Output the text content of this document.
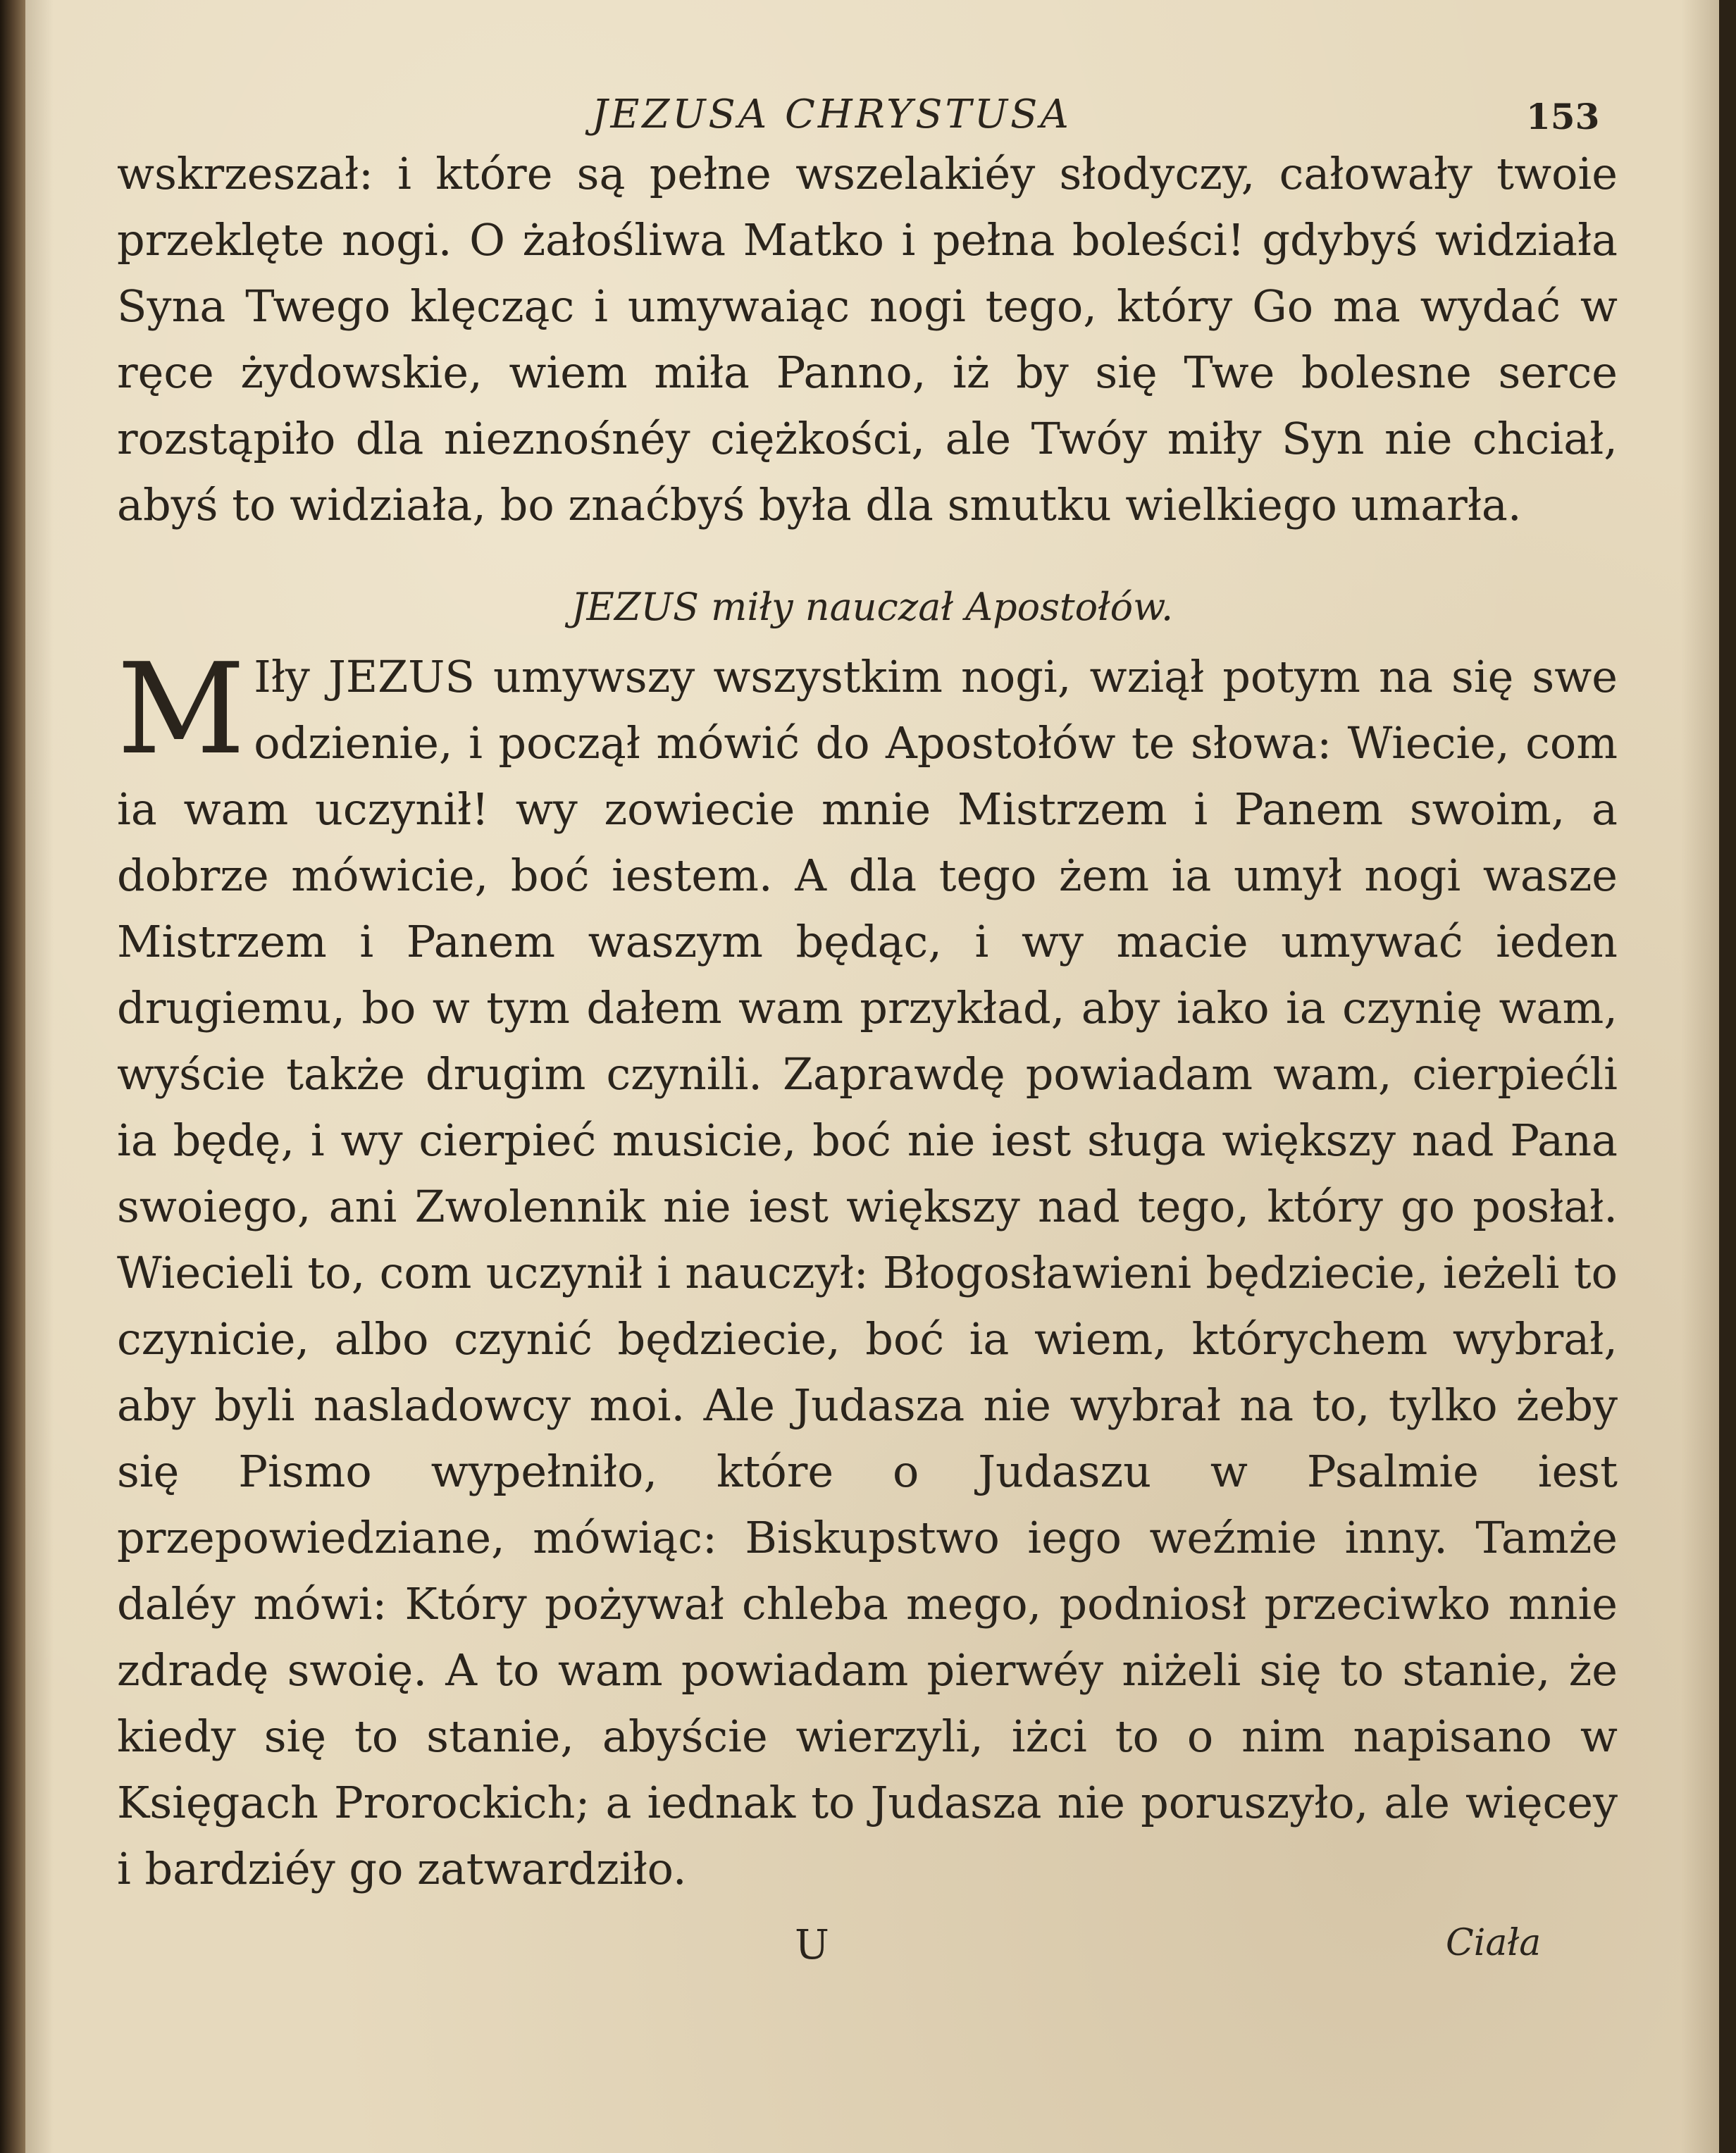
JEZUSA CHRYSTUSA	153

wskrzeszał: i które są pełne wszelakiéy słodyczy, całowały twoie przeklęte nogi. O żałośliwa Matko i pełna boleści! gdybyś widziała Syna Twego klęcząc i umywaiąc nogi tego, który Go ma wydać w ręce żydowskie, wiem miła Panno, iż by się Twe bolesne serce rozstąpiło dla nieznośnéy ciężkości, ale Twóy miły Syn nie chciał, abyś to widziała, bo znaćbyś była dla smutku wielkiego umarła.

JEZUS miły nauczał Apostołów.
M Iły JEZUS umywszy wszystkim nogi, wziął potym na się swe odzienie, i począł mówić do Apostołów te słowa: Wiecie, com ia wam uczynił! wy zowiecie mnie Mistrzem i Panem swoim, a dobrze mówicie, boć iestem. A dla tego żem ia umył nogi wasze Mistrzem i Panem waszym będąc, i wy macie umywać ieden drugiemu, bo w tym dałem wam przykład, aby iako ia czynię wam, wyście także drugim czynili. Zaprawdę powiadam wam, cierpiećli ia będę, i wy cierpieć musicie, boć nie iest sługa większy nad Pana swoiego, ani Zwolennik nie iest większy nad tego, który go posłał. Wiecieli to, com uczynił i nauczył: Błogosławieni będziecie, ieżeli to czynicie, albo czynić będziecie, boć ia wiem, którychem wybrał, aby byli nasladowcy moi. Ale Judasza nie wybrał na to, tylko żeby się Pismo wypełniło, które o Judaszu w Psalmie iest przepowiedziane, mówiąc: Biskupstwo iego weźmie inny. Tamże daléy mówi: Który pożywał chleba mego, podniosł przeciwko mnie zdradę swoię. A to wam powiadam pierwéy niżeli się to stanie, że kiedy się to stanie, abyście wierzyli, iżci to o nim napisano w Księgach Prorockich; a iednak to Judasza nie poruszyło, ale więcey i bardziéy go zatwardziło.

U	Ciała
